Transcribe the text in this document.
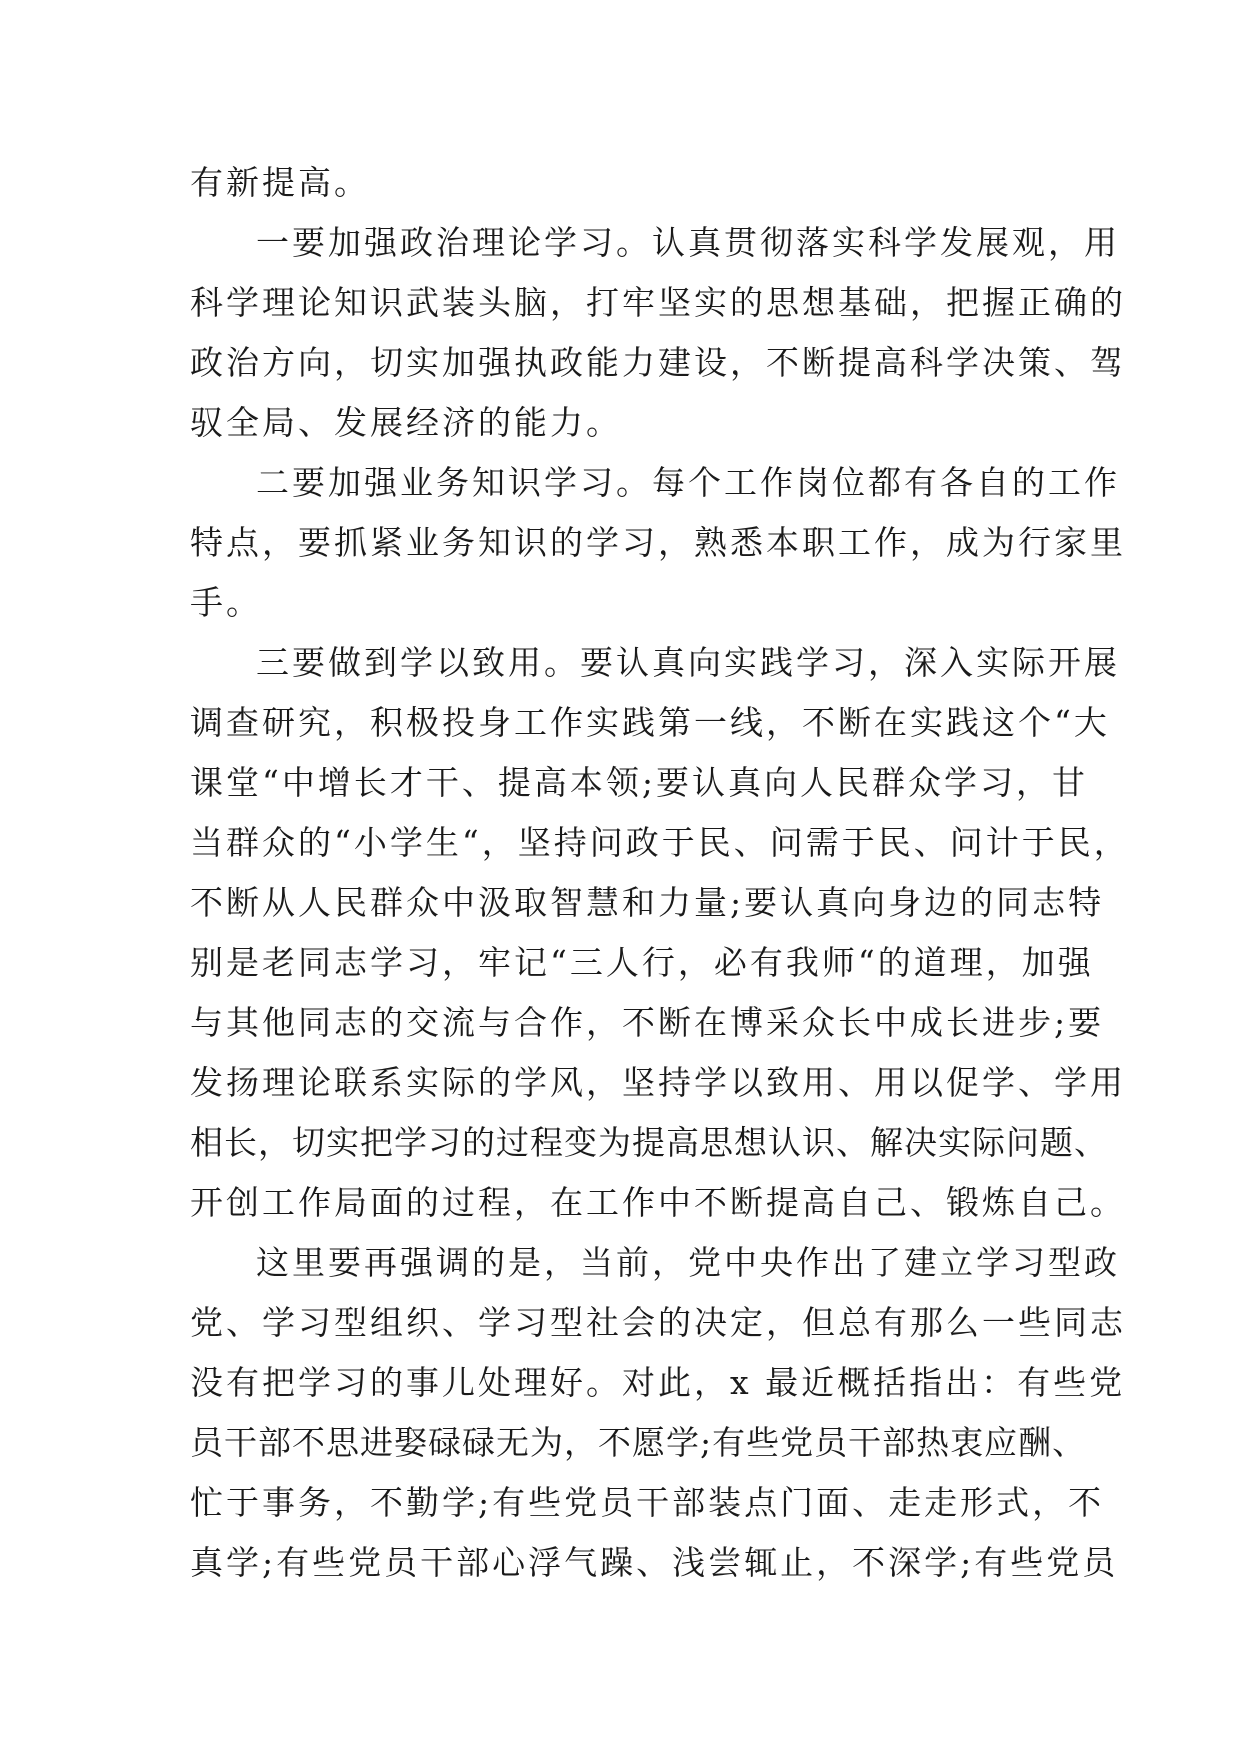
有新提高。
一要加强政治理论学习。认真贯彻落实科学发展观，用
科学理论知识武装头脑，打牢坚实的思想基础，把握正确的
政治方向，切实加强执政能力建设，不断提高科学决策、驾
驭全局、发展经济的能力。
二要加强业务知识学习。每个工作岗位都有各自的工作
特点，要抓紧业务知识的学习，熟悉本职工作，成为行家里
手。
三要做到学以致用。要认真向实践学习，深入实际开展
调查研究，积极投身工作实践第一线，不断在实践这个“大
课堂“中增长才干、提高本领;要认真向人民群众学习，甘
当群众的“小学生“，坚持问政于民、问需于民、问计于民，
不断从人民群众中汲取智慧和力量;要认真向身边的同志特
别是老同志学习，牢记“三人行，必有我师“的道理，加强
与其他同志的交流与合作，不断在博采众长中成长进步;要
发扬理论联系实际的学风，坚持学以致用、用以促学、学用
相长，切实把学习的过程变为提高思想认识、解决实际问题、
开创工作局面的过程，在工作中不断提高自己、锻炼自己。
这里要再强调的是，当前，党中央作出了建立学习型政
党、学习型组织、学习型社会的决定，但总有那么一些同志
没有把学习的事儿处理好。对此，x 最近概括指出：有些党
员干部不思进娶碌碌无为，不愿学;有些党员干部热衷应酬、
忙于事务，不勤学;有些党员干部装点门面、走走形式，不
真学;有些党员干部心浮气躁、浅尝辄止，不深学;有些党员
